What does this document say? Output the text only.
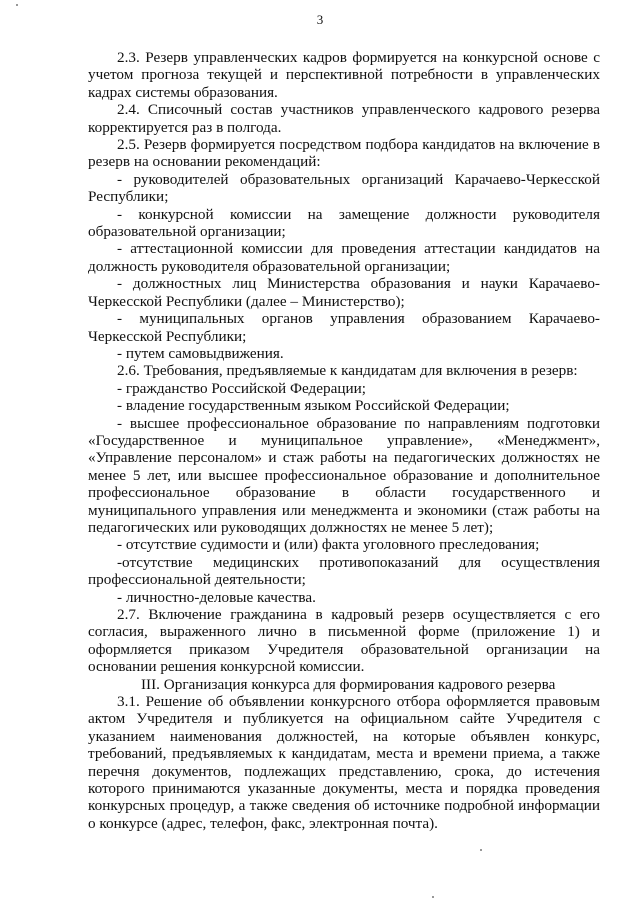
3

2.3. Резерв управленческих кадров формируется на конкурсной основе с учетом прогноза текущей и перспективной потребности в управленческих кадрах системы образования.

2.4. Списочный состав участников управленческого кадрового резерва корректируется раз в полгода.

2.5. Резерв формируется посредством подбора кандидатов на включение в резерв на основании рекомендаций:

- руководителей образовательных организаций Карачаево-Черкесской Республики;

- конкурсной комиссии на замещение должности руководителя образовательной организации;

- аттестационной комиссии для проведения аттестации кандидатов на должность руководителя образовательной организации;

- должностных лиц Министерства образования и науки Карачаево-Черкесской Республики (далее – Министерство);

- муниципальных органов управления образованием Карачаево-Черкесской Республики;

- путем самовыдвижения.

2.6. Требования, предъявляемые к кандидатам для включения в резерв:

- гражданство Российской Федерации;

- владение государственным языком Российской Федерации;

- высшее профессиональное образование по направлениям подготовки «Государственное и муниципальное управление», «Менеджмент», «Управление персоналом» и стаж работы на педагогических должностях не менее 5 лет, или высшее профессиональное образование и дополнительное профессиональное образование в области государственного и муниципального управления или менеджмента и экономики (стаж работы на педагогических или руководящих должностях не менее 5 лет);

- отсутствие судимости и (или) факта уголовного преследования;

-отсутствие медицинских противопоказаний для осуществления профессиональной деятельности;

- личностно-деловые качества.

2.7. Включение гражданина в кадровый резерв осуществляется с его согласия, выраженного лично в письменной форме (приложение 1) и оформляется приказом Учредителя образовательной организации на основании решения конкурсной комиссии.

III. Организация конкурса для формирования кадрового резерва

3.1. Решение об объявлении конкурсного отбора оформляется правовым актом Учредителя и публикуется на официальном сайте Учредителя с указанием наименования должностей, на которые объявлен конкурс, требований, предъявляемых к кандидатам, места и времени приема, а также перечня документов, подлежащих представлению, срока, до истечения которого принимаются указанные документы, места и порядка проведения конкурсных процедур, а также сведения об источнике подробной информации о конкурсе (адрес, телефон, факс, электронная почта).
